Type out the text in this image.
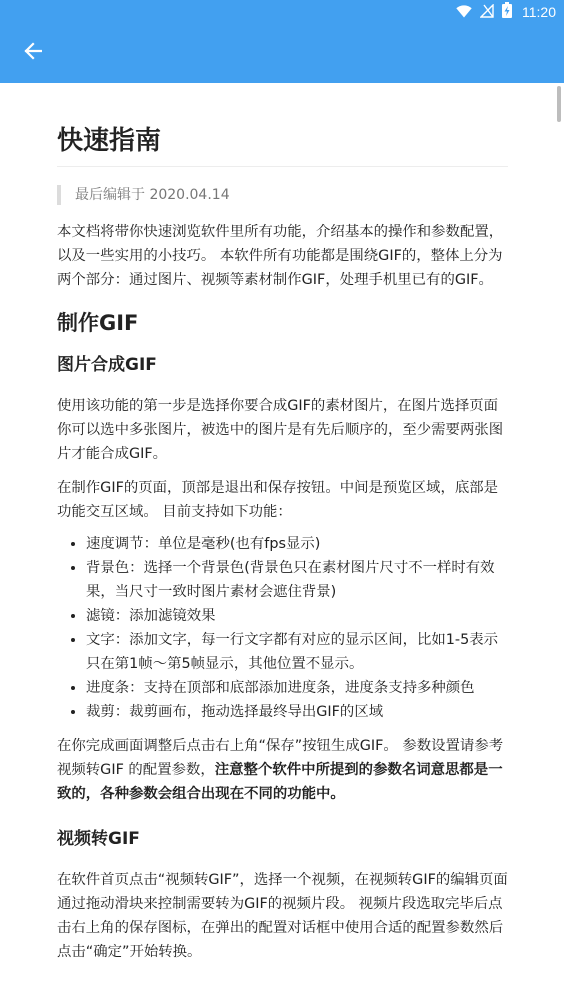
11:20
快速指南
最后编辑于 2020.04.14

本文档将带你快速浏览软件里所有功能，介绍基本的操作和参数配置，以及一些实用的小技巧。 本软件所有功能都是围绕GIF的，整体上分为两个部分：通过图片、视频等素材制作GIF，处理手机里已有的GIF。

制作GIF
图片合成GIF

使用该功能的第一步是选择你要合成GIF的素材图片，在图片选择页面你可以选中多张图片，被选中的图片是有先后顺序的，至少需要两张图片才能合成GIF。

在制作GIF的页面，顶部是退出和保存按钮。中间是预览区域，底部是功能交互区域。 目前支持如下功能：

• 速度调节：单位是毫秒(也有fps显示)
• 背景色：选择一个背景色(背景色只在素材图片尺寸不一样时有效果，当尺寸一致时图片素材会遮住背景)
• 滤镜：添加滤镜效果
• 文字：添加文字，每一行文字都有对应的显示区间，比如1-5表示只在第1帧～第5帧显示，其他位置不显示。
• 进度条：支持在顶部和底部添加进度条，进度条支持多种颜色
• 裁剪：裁剪画布，拖动选择最终导出GIF的区域

在你完成画面调整后点击右上角“保存”按钮生成GIF。 参数设置请参考 视频转GIF 的配置参数，注意整个软件中所提到的参数名词意思都是一致的，各种参数会组合出现在不同的功能中。

视频转GIF

在软件首页点击“视频转GIF”，选择一个视频，在视频转GIF的编辑页面通过拖动滑块来控制需要转为GIF的视频片段。 视频片段选取完毕后点击右上角的保存图标，在弹出的配置对话框中使用合适的配置参数然后点击“确定”开始转换。
